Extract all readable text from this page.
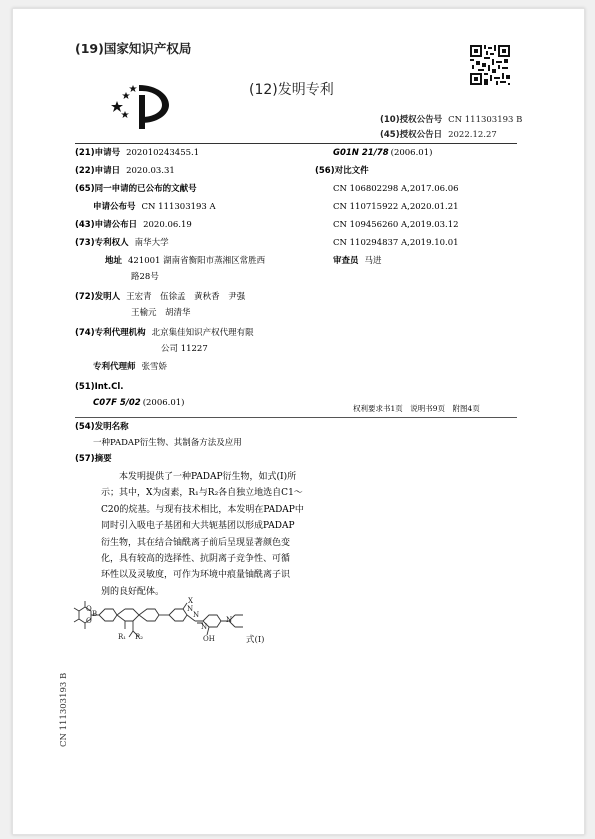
(19)国家知识产权局
(12)发明专利
(10)授权公告号 CN 111303193 B
(45)授权公告日 2022.12.27
(21)申请号 202010243455.1
(22)申请日 2020.03.31
(65)同一申请的已公布的文献号
申请公布号 CN 111303193 A
(43)申请公布日 2020.06.19
(73)专利权人 南华大学
地址 421001 湖南省衡阳市蒸湘区常胜西
路28号
(72)发明人 王宏青　伍徐孟　黄秋香　尹强
王榆元　胡清华
(74)专利代理机构 北京集佳知识产权代理有限
公司 11227
专利代理师 张雪娇
(51)Int.Cl.
C07F 5/02 (2006.01)
G01N 21/78 (2006.01)
(56)对比文件
CN 106802298 A,2017.06.06
CN 110715922 A,2020.01.21
CN 109456260 A,2019.03.12
CN 110294837 A,2019.10.01
审查员 马进
权利要求书1页　说明书9页　附图4页
(54)发明名称
一种PADAP衍生物、其制备方法及应用
(57)摘要
　　本发明提供了一种PADAP衍生物，如式(I)所
示；其中，X为卤素，R₁与R₂各自独立地选自C1～
C20的烷基。与现有技术相比，本发明在PADAP中
同时引入吸电子基团和大共轭基团以形成PADAP
衍生物，其在结合铀酰离子前后呈现显著颜色变
化，具有较高的选择性、抗阴离子竞争性、可循
环性以及灵敏度，可作为环境中痕量铀酰离子识
别的良好配体。
R₁ R₂
X
N
N
N
N
OH
O
B
O
式(I)
CN 111303193 B
